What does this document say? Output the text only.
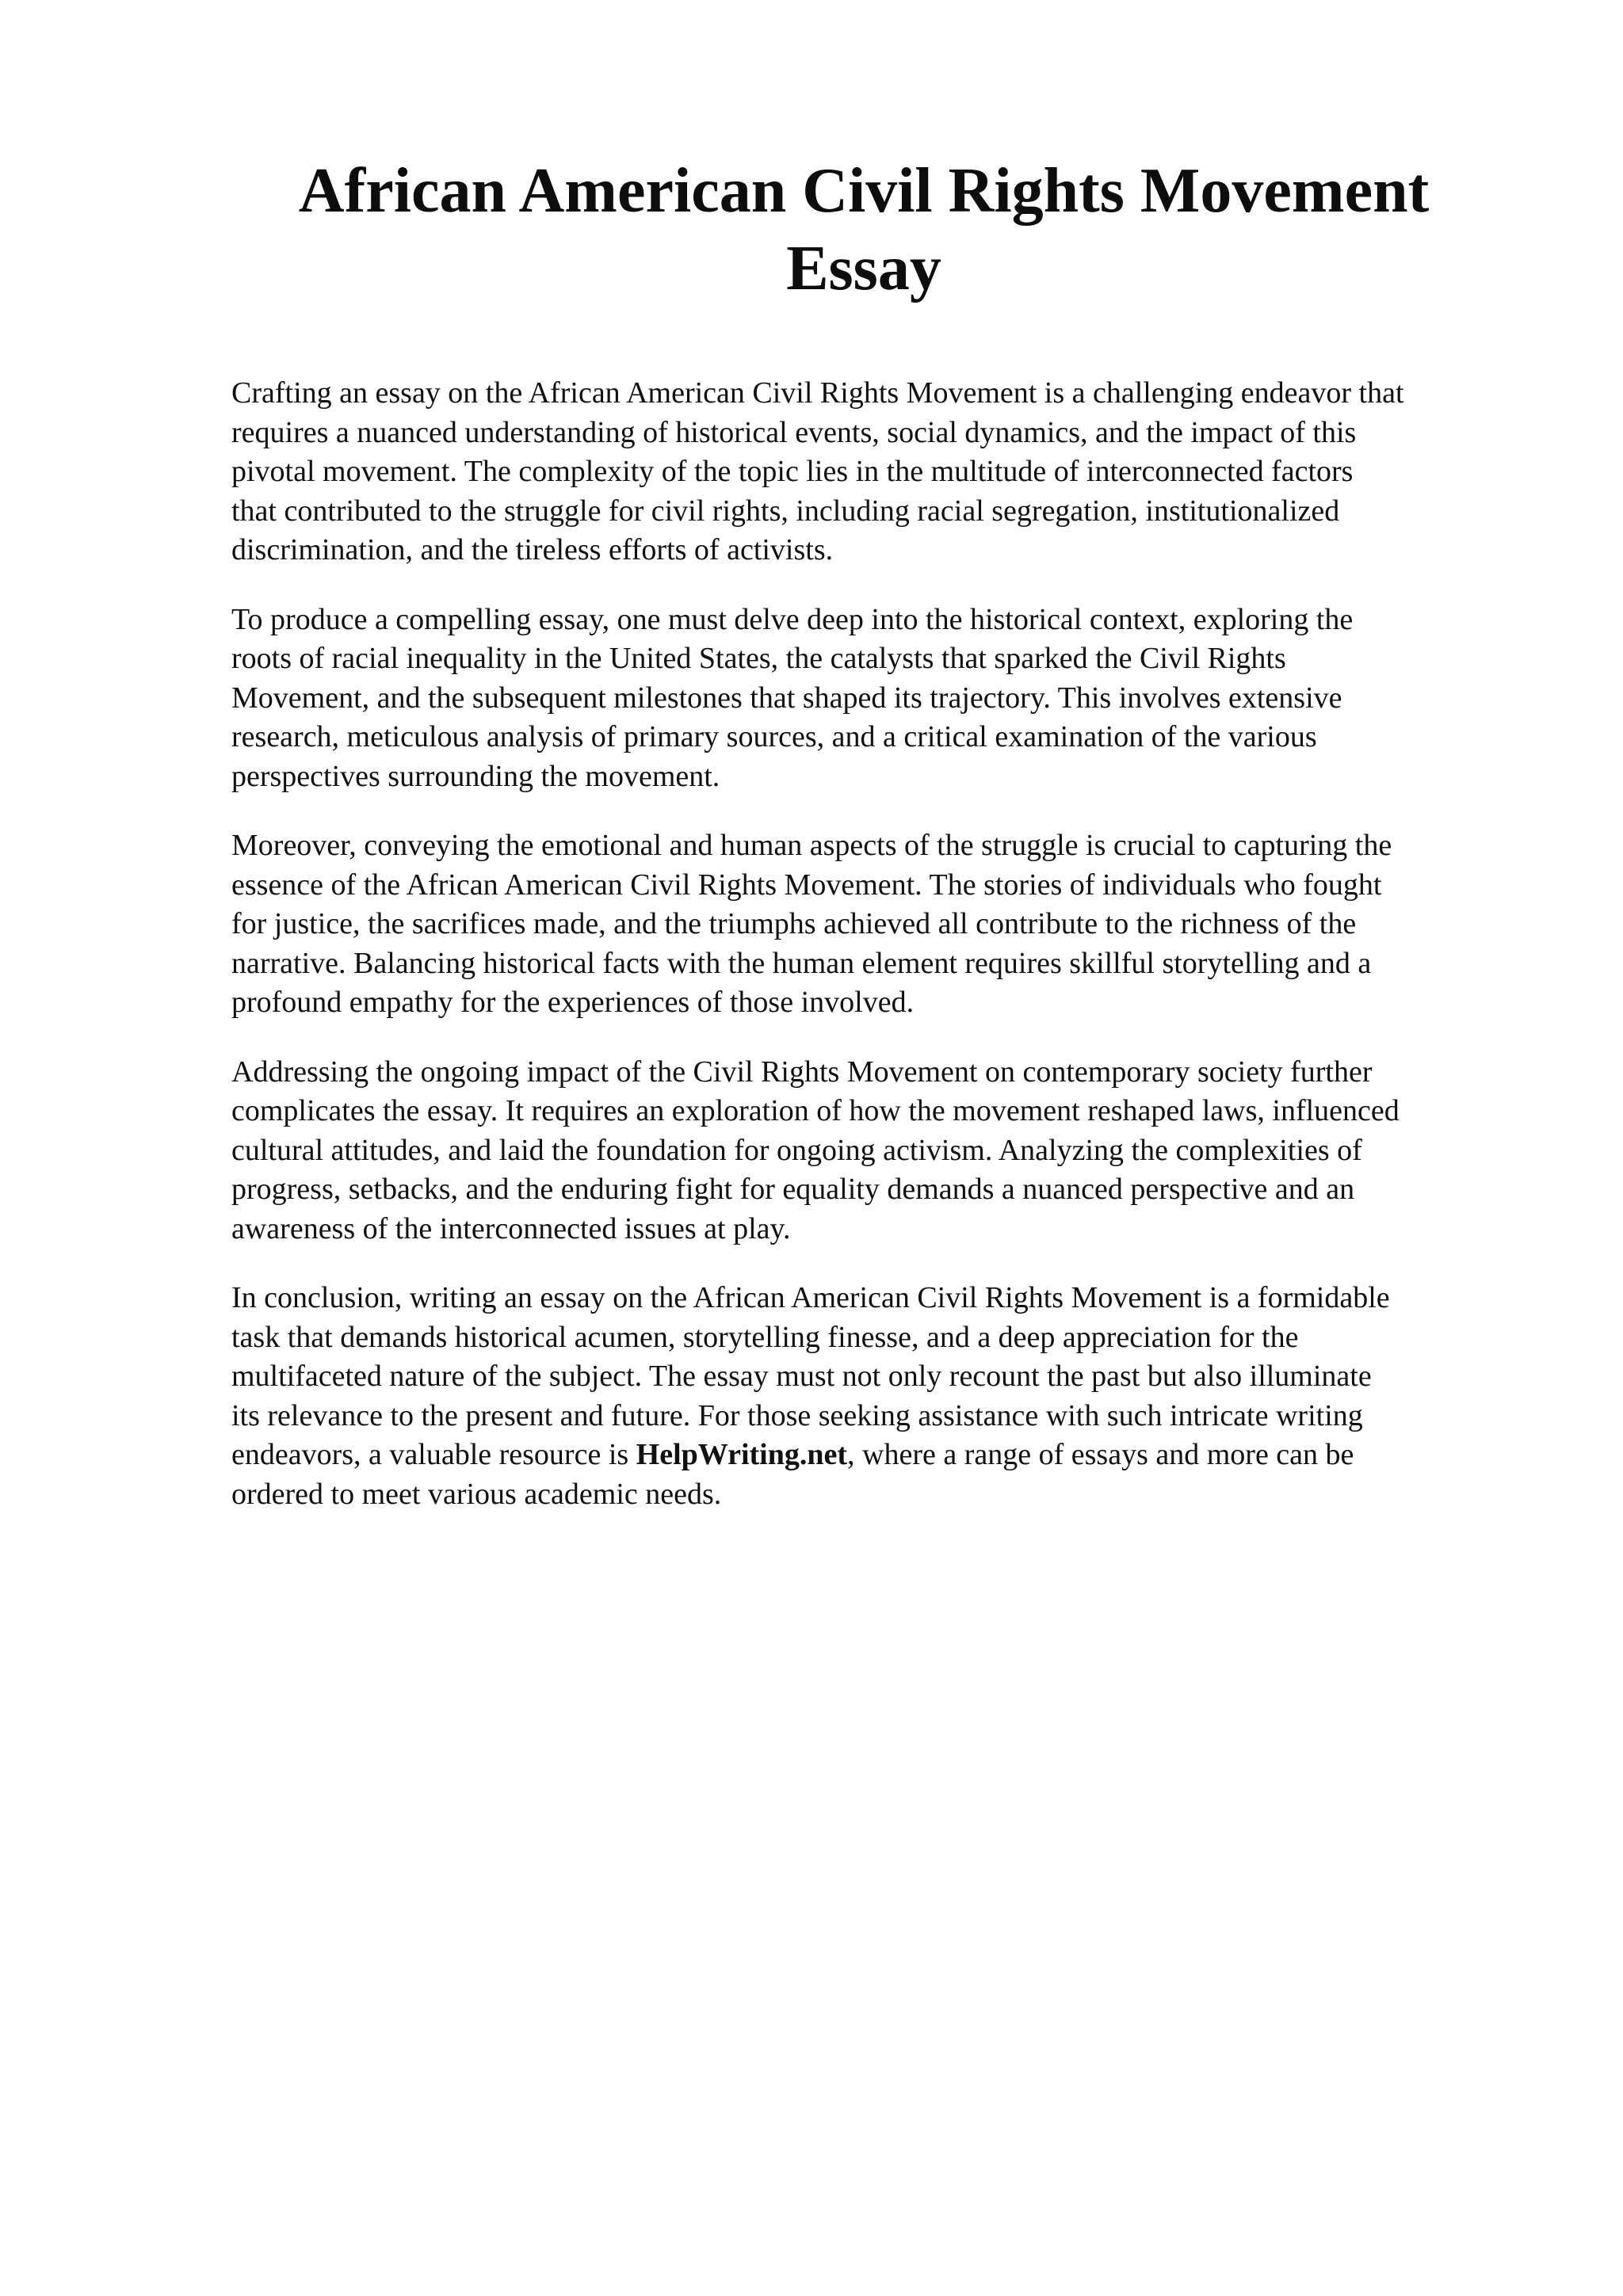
African American Civil Rights Movement
Essay

Crafting an essay on the African American Civil Rights Movement is a challenging endeavor that
requires a nuanced understanding of historical events, social dynamics, and the impact of this
pivotal movement. The complexity of the topic lies in the multitude of interconnected factors
that contributed to the struggle for civil rights, including racial segregation, institutionalized
discrimination, and the tireless efforts of activists.

To produce a compelling essay, one must delve deep into the historical context, exploring the
roots of racial inequality in the United States, the catalysts that sparked the Civil Rights
Movement, and the subsequent milestones that shaped its trajectory. This involves extensive
research, meticulous analysis of primary sources, and a critical examination of the various
perspectives surrounding the movement.

Moreover, conveying the emotional and human aspects of the struggle is crucial to capturing the
essence of the African American Civil Rights Movement. The stories of individuals who fought
for justice, the sacrifices made, and the triumphs achieved all contribute to the richness of the
narrative. Balancing historical facts with the human element requires skillful storytelling and a
profound empathy for the experiences of those involved.

Addressing the ongoing impact of the Civil Rights Movement on contemporary society further
complicates the essay. It requires an exploration of how the movement reshaped laws, influenced
cultural attitudes, and laid the foundation for ongoing activism. Analyzing the complexities of
progress, setbacks, and the enduring fight for equality demands a nuanced perspective and an
awareness of the interconnected issues at play.

In conclusion, writing an essay on the African American Civil Rights Movement is a formidable
task that demands historical acumen, storytelling finesse, and a deep appreciation for the
multifaceted nature of the subject. The essay must not only recount the past but also illuminate
its relevance to the present and future. For those seeking assistance with such intricate writing
endeavors, a valuable resource is HelpWriting.net, where a range of essays and more can be
ordered to meet various academic needs.
